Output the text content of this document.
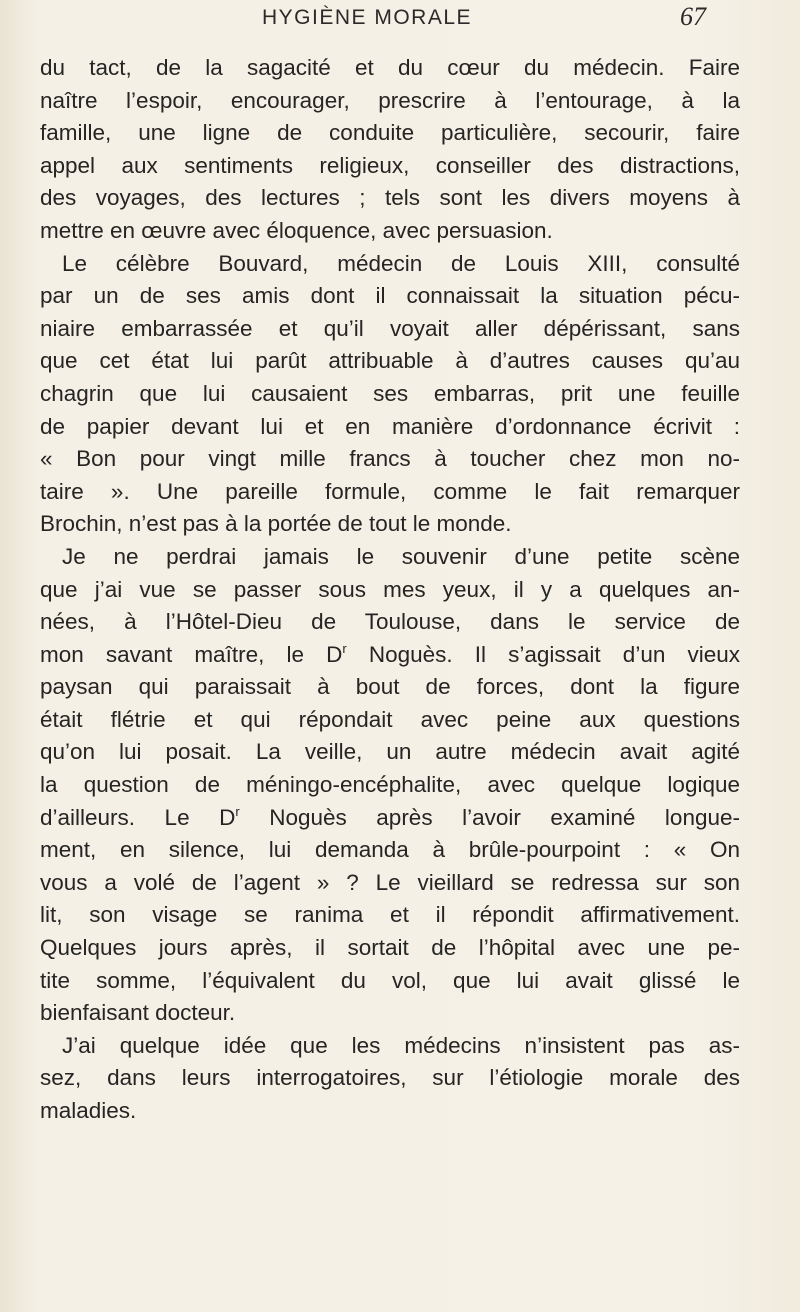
HYGIÈNE MORALE	67
du tact, de la sagacité et du cœur du médecin. Faire
naître l’espoir, encourager, prescrire à l’entourage, à la
famille, une ligne de conduite particulière, secourir, faire
appel aux sentiments religieux, conseiller des distractions,
des voyages, des lectures ; tels sont les divers moyens à
mettre en œuvre avec éloquence, avec persuasion.
Le célèbre Bouvard, médecin de Louis XIII, consulté
par un de ses amis dont il connaissait la situation pécu-
niaire embarrassée et qu’il voyait aller dépérissant, sans
que cet état lui parût attribuable à d’autres causes qu’au
chagrin que lui causaient ses embarras, prit une feuille
de papier devant lui et en manière d’ordonnance écrivit :
« Bon pour vingt mille francs à toucher chez mon no-
taire ». Une pareille formule, comme le fait remarquer
Brochin, n’est pas à la portée de tout le monde.
Je ne perdrai jamais le souvenir d’une petite scène
que j’ai vue se passer sous mes yeux, il y a quelques an-
nées, à l’Hôtel-Dieu de Toulouse, dans le service de
mon savant maître, le $D^r$ Noguès. Il s’agissait d’un vieux
paysan qui paraissait à bout de forces, dont la figure
était flétrie et qui répondait avec peine aux questions
qu’on lui posait. La veille, un autre médecin avait agité
la question de méningo-encéphalite, avec quelque logique
d’ailleurs. Le $D^r$ Noguès après l’avoir examiné longue-
ment, en silence, lui demanda à brûle-pourpoint : « On
vous a volé de l’agent » ? Le vieillard se redressa sur son
lit, son visage se ranima et il répondit affirmativement.
Quelques jours après, il sortait de l’hôpital avec une pe-
tite somme, l’équivalent du vol, que lui avait glissé le
bienfaisant docteur.
J’ai quelque idée que les médecins n’insistent pas as-
sez, dans leurs interrogatoires, sur l’étiologie morale des
maladies.
